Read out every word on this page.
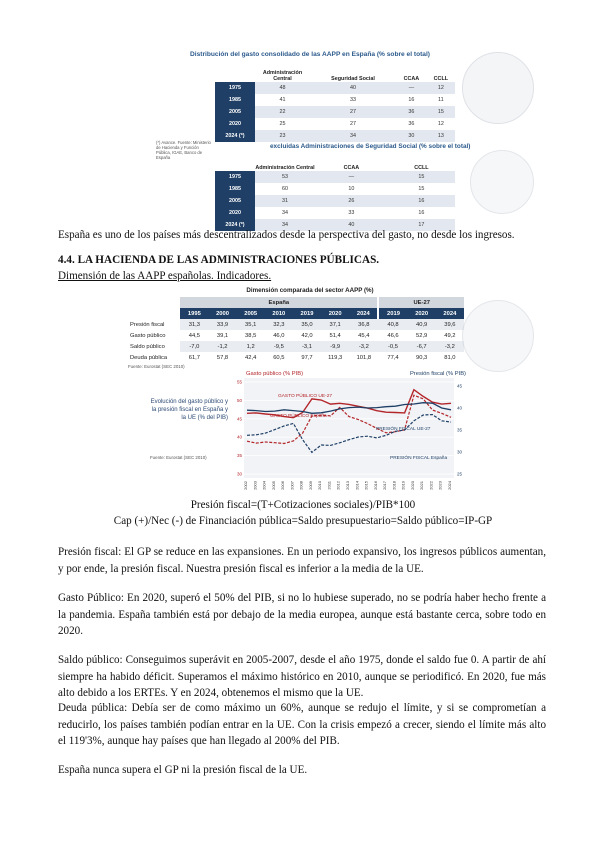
Distribución del gasto consolidado de las AAPP en España (% sobre el total)
	Administración Central	Seguridad Social	CCAA	CCLL
1975	48	40	—	12
1985	41	33	16	11
2005	22	27	36	15
2020	25	27	36	12
2024 (*)	23	34	30	13
(*) Avance. Fuente: Ministerio de Hacienda y Función Pública, IGAE, Banco de España
excluidas Administraciones de Seguridad Social (% sobre el total)
	Administración Central	CCAA	CCLL
1975	53	—	15
1985	60	10	15
2005	31	26	16
2020	34	33	16
2024 (*)	34	40	17
España es uno de los países más descentralizados desde la perspectiva del gasto, no desde los ingresos.
4.4. LA HACIENDA DE LAS ADMINISTRACIONES PÚBLICAS.
Dimensión de las AAPP españolas. Indicadores.
Dimensión comparada del sector AAPP (%)
	España							UE-27		
	1995	2000	2005	2010	2019	2020	2024	2019	2020	2024
Presión fiscal	31,3	33,9	35,1	32,3	35,0	37,1	36,8	40,8	40,9	39,6
Gasto público	44,5	39,1	38,5	46,0	42,0	51,4	45,4	46,6	52,9	49,2
Saldo público	-7,0	-1,2	1,2	-9,5	-3,1	-9,9	-3,2	-0,5	-6,7	-3,2
Deuda pública	61,7	57,8	42,4	60,5	97,7	119,3	101,8	77,4	90,3	81,0
Fuente: Eurostat (SEC 2010)
Evolución del gasto público y la presión fiscal en España y la UE (% del PIB)
Fuente: Eurostat (SEC 2010)
55
50
45
40
35
30
45
40
35
30
25
2002 2003 2004 2005 2006 2007 2008 2009 2010 2011 2012 2013 2014 2015 2016 2017 2018 2019 2020 2021 2022 2023 2024
Gasto público (% PIB)	Presión fiscal (% PIB)
GASTO PÚBLICO UE-27
GASTO PÚBLICO España
PRESIÓN FISCAL UE-27
PRESIÓN FISCAL España
Presión fiscal=(T+Cotizaciones sociales)/PIB*100
Cap (+)/Nec (-) de Financiación pública=Saldo presupuestario=Saldo público=IP-GP
Presión fiscal: El GP se reduce en las expansiones. En un periodo expansivo, los ingresos públicos aumentan, y por ende, la presión fiscal. Nuestra presión fiscal es inferior a la media de la UE.
Gasto Público: En 2020, superó el 50% del PIB, si no lo hubiese superado, no se podría haber hecho frente a la pandemia. España también está por debajo de la media europea, aunque está bastante cerca, sobre todo en 2020.
Saldo público: Conseguimos superávit en 2005-2007, desde el año 1975, donde el saldo fue 0. A partir de ahí siempre ha habido déficit. Superamos el máximo histórico en 2010, aunque se periodificó. En 2020, fue más alto debido a los ERTEs. Y en 2024, obtenemos el mismo que la UE.
Deuda pública: Debía ser de como máximo un 60%, aunque se redujo el límite, y si se comprometían a reducirlo, los países también podían entrar en la UE. Con la crisis empezó a crecer, siendo el límite más alto el 119'3%, aunque hay países que han llegado al 200% del PIB.
España nunca supera el GP ni la presión fiscal de la UE.
